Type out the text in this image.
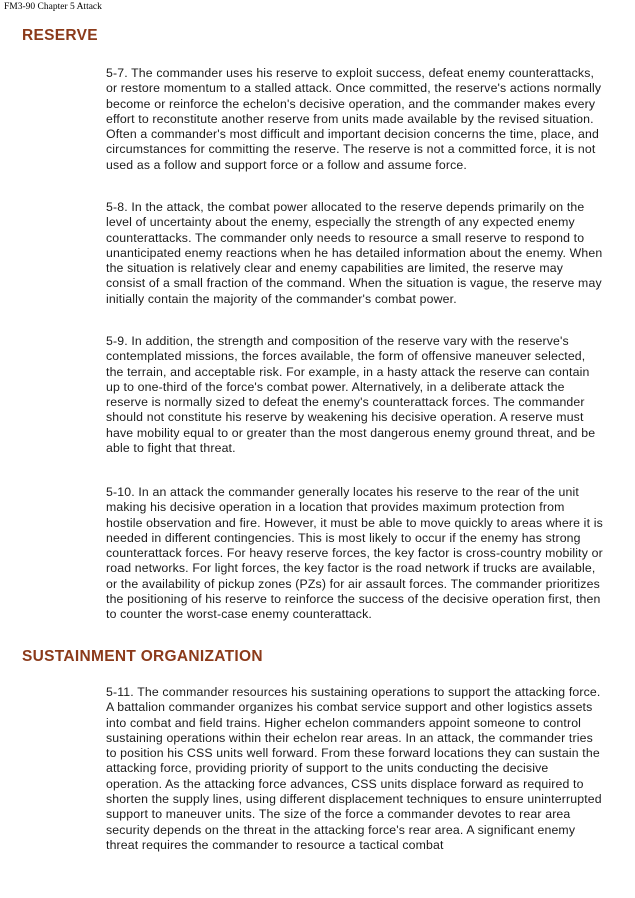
FM3-90 Chapter 5 Attack
RESERVE

5-7. The commander uses his reserve to exploit success, defeat enemy counterattacks, or restore momentum to a stalled attack. Once committed, the reserve's actions normally become or reinforce the echelon's decisive operation, and the commander makes every effort to reconstitute another reserve from units made available by the revised situation. Often a commander's most difficult and important decision concerns the time, place, and circumstances for committing the reserve. The reserve is not a committed force, it is not used as a follow and support force or a follow and assume force.

5-8. In the attack, the combat power allocated to the reserve depends primarily on the level of uncertainty about the enemy, especially the strength of any expected enemy counterattacks. The commander only needs to resource a small reserve to respond to unanticipated enemy reactions when he has detailed information about the enemy. When the situation is relatively clear and enemy capabilities are limited, the reserve may consist of a small fraction of the command. When the situation is vague, the reserve may initially contain the majority of the commander's combat power.

5-9. In addition, the strength and composition of the reserve vary with the reserve's contemplated missions, the forces available, the form of offensive maneuver selected, the terrain, and acceptable risk. For example, in a hasty attack the reserve can contain up to one-third of the force's combat power. Alternatively, in a deliberate attack the reserve is normally sized to defeat the enemy's counterattack forces. The commander should not constitute his reserve by weakening his decisive operation. A reserve must have mobility equal to or greater than the most dangerous enemy ground threat, and be able to fight that threat.

5-10. In an attack the commander generally locates his reserve to the rear of the unit making his decisive operation in a location that provides maximum protection from hostile observation and fire. However, it must be able to move quickly to areas where it is needed in different contingencies. This is most likely to occur if the enemy has strong counterattack forces. For heavy reserve forces, the key factor is cross-country mobility or road networks. For light forces, the key factor is the road network if trucks are available, or the availability of pickup zones (PZs) for air assault forces. The commander prioritizes the positioning of his reserve to reinforce the success of the decisive operation first, then to counter the worst-case enemy counterattack.

SUSTAINMENT ORGANIZATION

5-11. The commander resources his sustaining operations to support the attacking force. A battalion commander organizes his combat service support and other logistics assets into combat and field trains. Higher echelon commanders appoint someone to control sustaining operations within their echelon rear areas. In an attack, the commander tries to position his CSS units well forward. From these forward locations they can sustain the attacking force, providing priority of support to the units conducting the decisive operation. As the attacking force advances, CSS units displace forward as required to shorten the supply lines, using different displacement techniques to ensure uninterrupted support to maneuver units. The size of the force a commander devotes to rear area security depends on the threat in the attacking force's rear area. A significant enemy threat requires the commander to resource a tactical combat
